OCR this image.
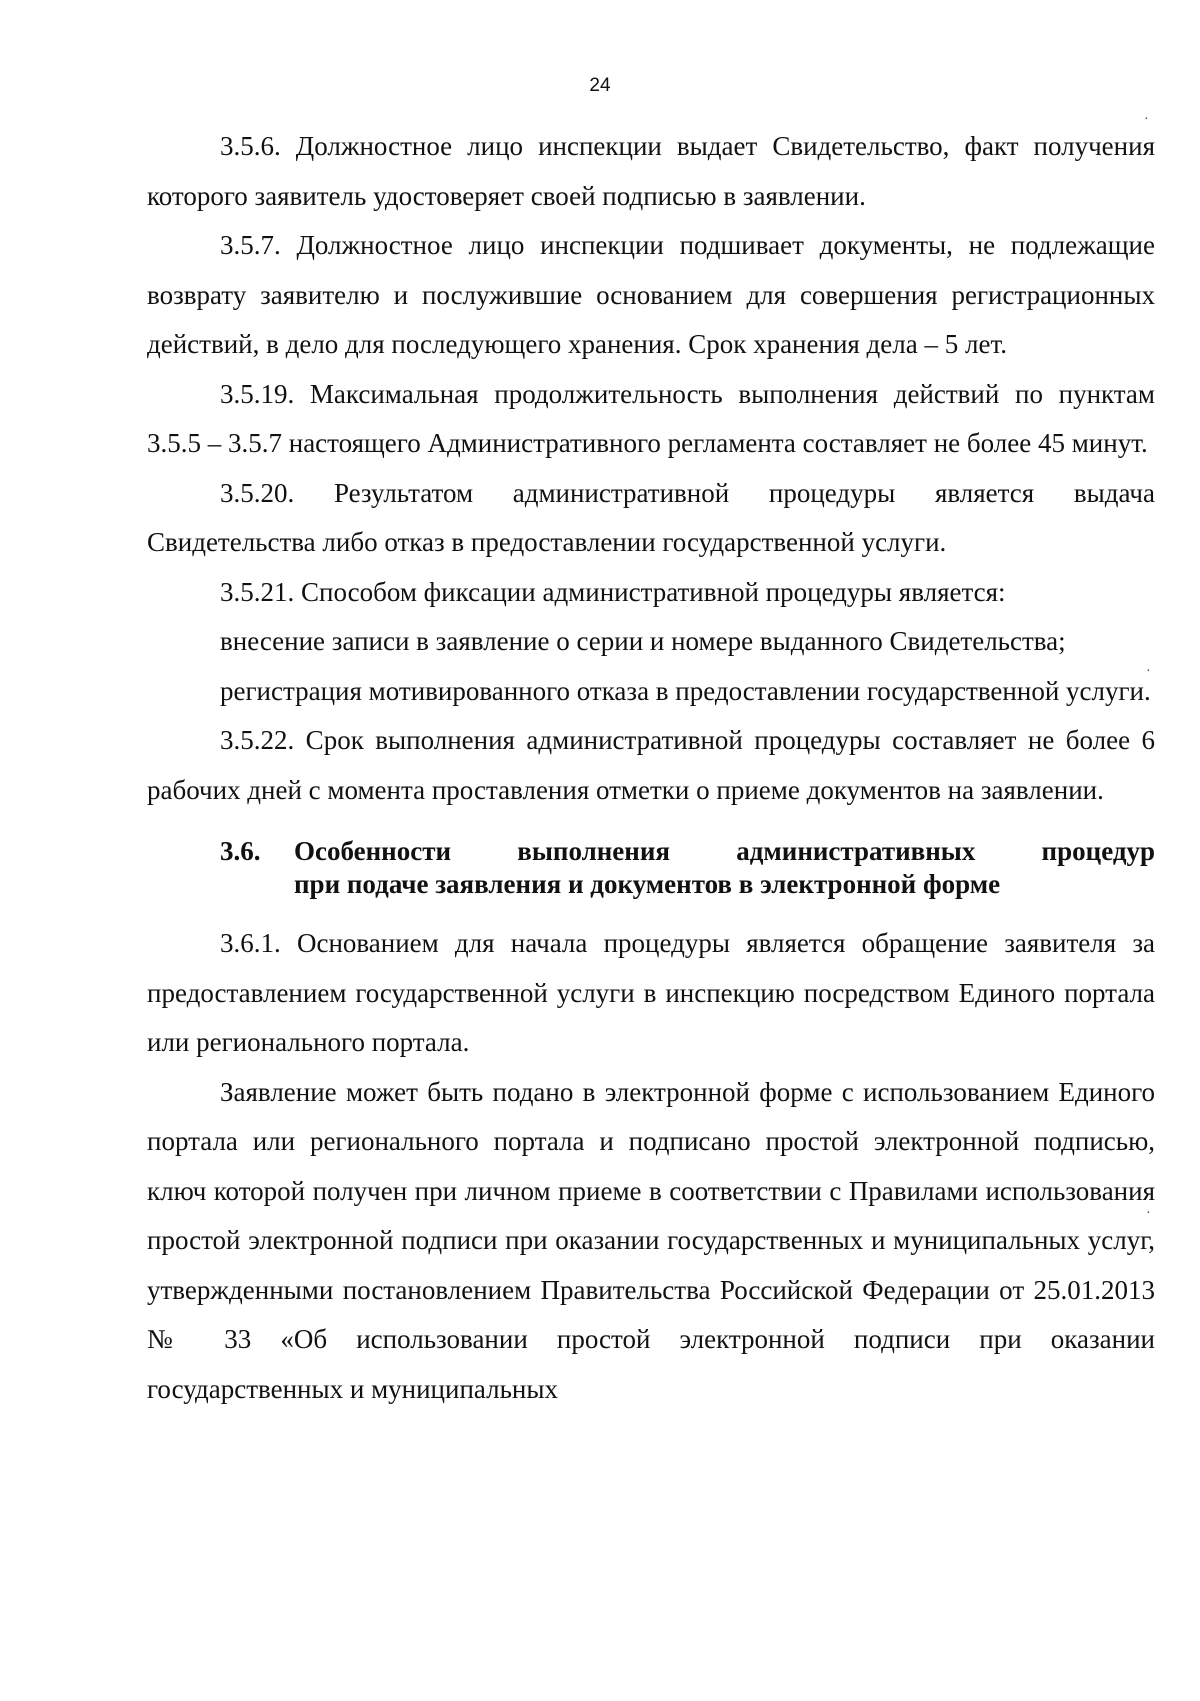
24

3.5.6. Должностное лицо инспекции выдает Свидетельство, факт получения которого заявитель удостоверяет своей подписью в заявлении.

3.5.7. Должностное лицо инспекции подшивает документы, не подлежащие возврату заявителю и послужившие основанием для совершения регистрационных действий, в дело для последующего хранения. Срок хранения дела – 5 лет.

3.5.19. Максимальная продолжительность выполнения действий по пунктам 3.5.5 – 3.5.7 настоящего Административного регламента составляет не более 45 минут.

3.5.20. Результатом административной процедуры является выдача Свидетельства либо отказ в предоставлении государственной услуги.

3.5.21. Способом фиксации административной процедуры является:

внесение записи в заявление о серии и номере выданного Свидетельства;

регистрация мотивированного отказа в предоставлении государственной услуги.

3.5.22. Срок выполнения административной процедуры составляет не более 6 рабочих дней с момента проставления отметки о приеме документов на заявлении.

3.6.	Особенности выполнения административных процедур
при подаче заявления и документов в электронной форме

3.6.1. Основанием для начала процедуры является обращение заявителя за предоставлением государственной услуги в инспекцию посредством Единого портала или регионального портала.

Заявление может быть подано в электронной форме с использованием Единого портала или регионального портала и подписано простой электронной подписью, ключ которой получен при личном приеме в соответствии с Правилами использования простой электронной подписи при оказании государственных и муниципальных услуг, утвержденными постановлением Правительства Российской Федерации от 25.01.2013 № 33 «Об использовании простой электронной подписи при оказании государственных и муниципальных

·
·
·
